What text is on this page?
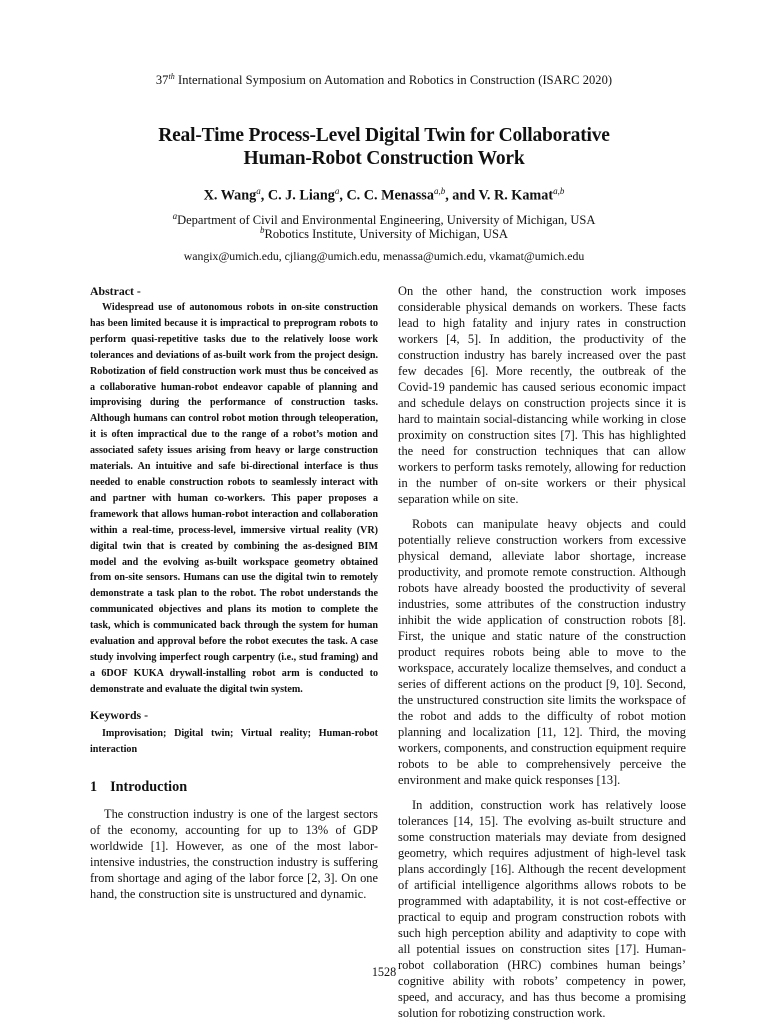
37th International Symposium on Automation and Robotics in Construction (ISARC 2020)
Real-Time Process-Level Digital Twin for Collaborative
Human-Robot Construction Work
X. Wang$^a$, C. J. Liang$^a$, C. C. Menassa$^{a,b}$, and V. R. Kamat$^{a,b}$
$^a$Department of Civil and Environmental Engineering, University of Michigan, USA
$^b$Robotics Institute, University of Michigan, USA
wangix@umich.edu, cjliang@umich.edu, menassa@umich.edu, vkamat@umich.edu

Abstract -

Widespread use of autonomous robots in on-site construction has been limited because it is impractical to preprogram robots to perform quasi-repetitive tasks due to the relatively loose work tolerances and deviations of as-built work from the project design. Robotization of field construction work must thus be conceived as a collaborative human-robot endeavor capable of planning and improvising during the performance of construction tasks. Although humans can control robot motion through teleoperation, it is often impractical due to the range of a robot’s motion and associated safety issues arising from heavy or large construction materials. An intuitive and safe bi-directional interface is thus needed to enable construction robots to seamlessly interact with and partner with human co-workers. This paper proposes a framework that allows human-robot interaction and collaboration within a real-time, process-level, immersive virtual reality (VR) digital twin that is created by combining the as-designed BIM model and the evolving as-built workspace geometry obtained from on-site sensors. Humans can use the digital twin to remotely demonstrate a task plan to the robot. The robot understands the communicated objectives and plans its motion to complete the task, which is communicated back through the system for human evaluation and approval before the robot executes the task. A case study involving imperfect rough carpentry (i.e., stud framing) and a 6DOF KUKA drywall-installing robot arm is conducted to demonstrate and evaluate the digital twin system.

Keywords -

Improvisation; Digital twin; Virtual reality; Human-robot interaction

1 Introduction

The construction industry is one of the largest sectors of the economy, accounting for up to 13% of GDP worldwide [1]. However, as one of the most labor-intensive industries, the construction industry is suffering from shortage and aging of the labor force [2, 3]. On one hand, the construction site is unstructured and dynamic.

On the other hand, the construction work imposes considerable physical demands on workers. These facts lead to high fatality and injury rates in construction workers [4, 5]. In addition, the productivity of the construction industry has barely increased over the past few decades [6]. More recently, the outbreak of the Covid-19 pandemic has caused serious economic impact and schedule delays on construction projects since it is hard to maintain social-distancing while working in close proximity on construction sites [7]. This has highlighted the need for construction techniques that can allow workers to perform tasks remotely, allowing for reduction in the number of on-site workers or their physical separation while on site.

Robots can manipulate heavy objects and could potentially relieve construction workers from excessive physical demand, alleviate labor shortage, increase productivity, and promote remote construction. Although robots have already boosted the productivity of several industries, some attributes of the construction industry inhibit the wide application of construction robots [8]. First, the unique and static nature of the construction product requires robots being able to move to the workspace, accurately localize themselves, and conduct a series of different actions on the product [9, 10]. Second, the unstructured construction site limits the workspace of the robot and adds to the difficulty of robot motion planning and localization [11, 12]. Third, the moving workers, components, and construction equipment require robots to be able to comprehensively perceive the environment and make quick responses [13].

In addition, construction work has relatively loose tolerances [14, 15]. The evolving as-built structure and some construction materials may deviate from designed geometry, which requires adjustment of high-level task plans accordingly [16]. Although the recent development of artificial intelligence algorithms allows robots to be programmed with adaptability, it is not cost-effective or practical to equip and program construction robots with such high perception ability and adaptivity to cope with all potential issues on construction sites [17]. Human-robot collaboration (HRC) combines human beings’ cognitive ability with robots’ competency in power, speed, and accuracy, and has thus become a promising solution for robotizing construction work.

1528
